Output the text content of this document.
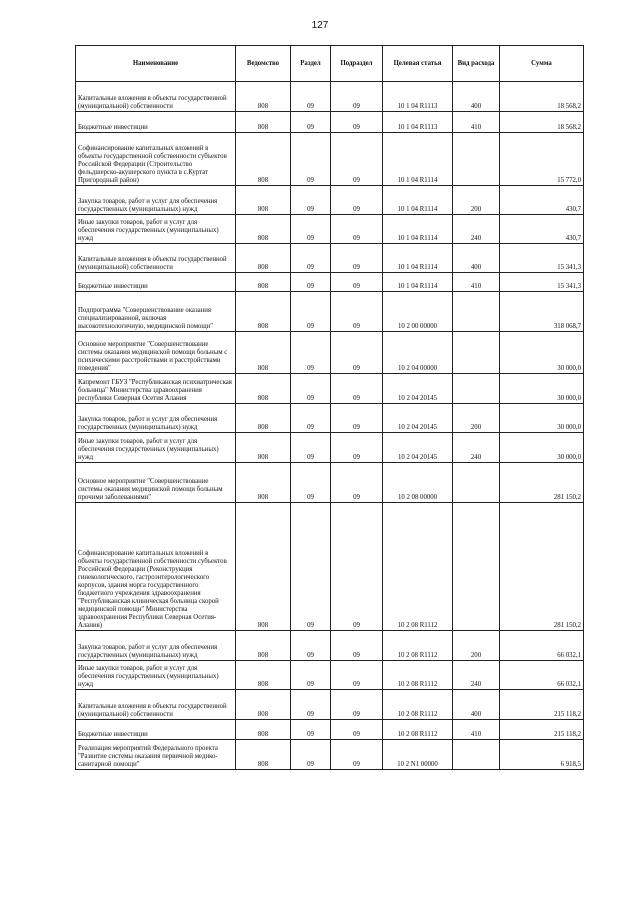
127
Наименование	Ведомство	Раздел	Подраздел	Целевая статья	Вид расхода	Сумма
Капитальные вложения в объекты государственной (муниципальной) собственности	808	09	09	10 1 04 R1113	400	18 568,2
Бюджетные инвестиции	808	09	09	10 1 04 R1113	410	18 568,2
Софинансирование капитальных вложений в объекты государственной собственности субъектов Российской Федерации (Строительство фельдшерско-акушерского пункта в с.Куртат Пригородный район)	808	09	09	10 1 04 R1114		15 772,0
Закупка товаров, работ и услуг для обеспечения государственных (муниципальных) нужд	808	09	09	10 1 04 R1114	200	430,7
Иные закупки товаров, работ и услуг для обеспечения государственных (муниципальных) нужд	808	09	09	10 1 04 R1114	240	430,7
Капитальные вложения в объекты государственной (муниципальной) собственности	808	09	09	10 1 04 R1114	400	15 341,3
Бюджетные инвестиции	808	09	09	10 1 04 R1114	410	15 341,3
Подпрограмма "Совершенствование оказания специализированной, включая высокотехнологичную, медицинской помощи"	808	09	09	10 2 00 00000		318 068,7
Основное мероприятие "Совершенствование системы оказания медицинской помощи больным с психическими расстройствами и расстройствами поведения"	808	09	09	10 2 04 00000		30 000,0
Капремонт ГБУЗ "Республиканская психиатрическая больница" Министерства здравоохранения республики Северная Осетия Алания	808	09	09	10 2 04 20145		30 000,0
Закупка товаров, работ и услуг для обеспечения государственных (муниципальных) нужд	808	09	09	10 2 04 20145	200	30 000,0
Иные закупки товаров, работ и услуг для обеспечения государственных (муниципальных) нужд	808	09	09	10 2 04 20145	240	30 000,0
Основное мероприятие "Совершенствование системы оказания медицинской помощи больным прочими заболеваниями"	808	09	09	10 2 08 00000		281 150,2
Софинансирование капитальных вложений в объекты государственной собственности субъектов Российской Федерации (Реконструкция гинекологического, гастроэнтерологического корпусов, здания морга государственного бюджетного учреждения здравоохранения "Республиканская клиническая больница скорой медицинской помощи" Министерства здравоохранения Республики Северная Осетия-Алания)	808	09	09	10 2 08 R1112		281 150,2
Закупка товаров, работ и услуг для обеспечения государственных (муниципальных) нужд	808	09	09	10 2 08 R1112	200	66 032,1
Иные закупки товаров, работ и услуг для обеспечения государственных (муниципальных) нужд	808	09	09	10 2 08 R1112	240	66 032,1
Капитальные вложения в объекты государственной (муниципальной) собственности	808	09	09	10 2 08 R1112	400	215 118,2
Бюджетные инвестиции	808	09	09	10 2 08 R1112	410	215 118,2
Реализация мероприятий Федерального проекта "Развитие системы оказания первичной медико-санитарной помощи"	808	09	09	10 2 N1 00000		6 918,5
